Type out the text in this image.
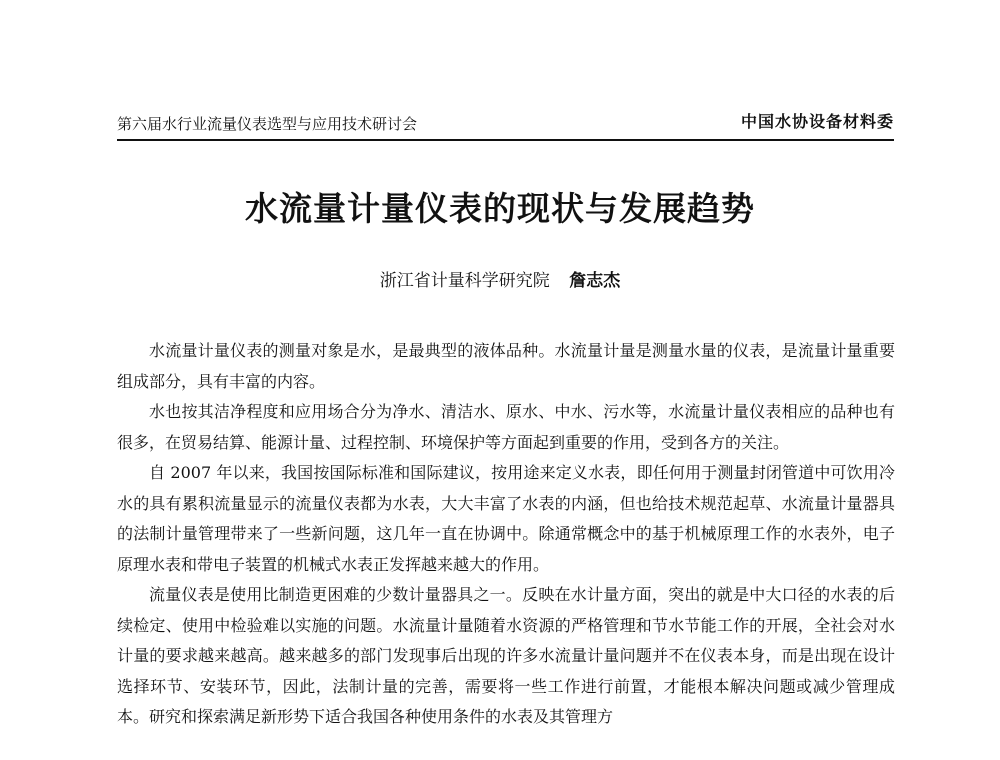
第六届水行业流量仪表选型与应用技术研讨会	中国水协设备材料委
水流量计量仪表的现状与发展趋势
浙江省计量科学研究院 詹志杰

水流量计量仪表的测量对象是水，是最典型的液体品种。水流量计量是测量水量的仪表，是流量计量重要组成部分，具有丰富的内容。

水也按其洁净程度和应用场合分为净水、清洁水、原水、中水、污水等，水流量计量仪表相应的品种也有很多，在贸易结算、能源计量、过程控制、环境保护等方面起到重要的作用，受到各方的关注。

自 2007 年以来，我国按国际标准和国际建议，按用途来定义水表，即任何用于测量封闭管道中可饮用冷水的具有累积流量显示的流量仪表都为水表，大大丰富了水表的内涵，但也给技术规范起草、水流量计量器具的法制计量管理带来了一些新问题，这几年一直在协调中。除通常概念中的基于机械原理工作的水表外，电子原理水表和带电子装置的机械式水表正发挥越来越大的作用。

流量仪表是使用比制造更困难的少数计量器具之一。反映在水计量方面，突出的就是中大口径的水表的后续检定、使用中检验难以实施的问题。水流量计量随着水资源的严格管理和节水节能工作的开展，全社会对水计量的要求越来越高。越来越多的部门发现事后出现的许多水流量计量问题并不在仪表本身，而是出现在设计选择环节、安装环节，因此，法制计量的完善，需要将一些工作进行前置，才能根本解决问题或减少管理成本。研究和探索满足新形势下适合我国各种使用条件的水表及其管理方
